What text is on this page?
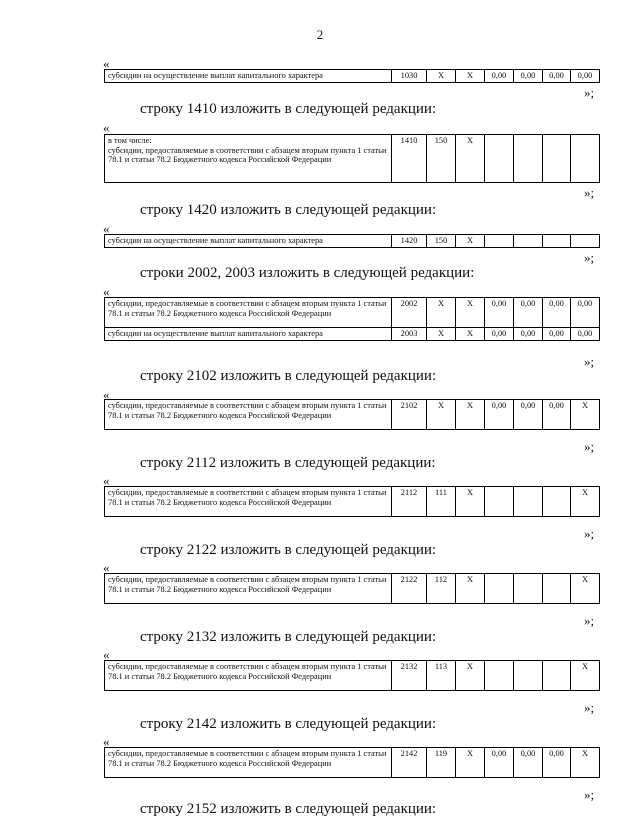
2
«
субсидии на осуществление выплат капитального характера	1030	X	X	0,00	0,00	0,00	0,00
»;
строку 1410 изложить в следующей редакции:
«
в том числе:
субсидии, предоставляемые в соответствии с абзацем вторым пункта 1 статьи 78.1 и статьи 78.2 Бюджетного кодекса Российской Федерации	1410	150	X				
»;
строку 1420 изложить в следующей редакции:
«
субсидии на осуществление выплат капитального характера	1420	150	X				
»;
строки 2002, 2003 изложить в следующей редакции:
«
субсидии, предоставляемые в соответствии с абзацем вторым пункта 1 статьи 78.1 и статьи 78.2 Бюджетного кодекса Российской Федерации	2002	X	X	0,00	0,00	0,00	0,00
субсидии на осуществление выплат капитального характера	2003	X	X	0,00	0,00	0,00	0,00
»;
строку 2102 изложить в следующей редакции:
«
субсидии, предоставляемые в соответствии с абзацем вторым пункта 1 статьи 78.1 и статьи 78.2 Бюджетного кодекса Российской Федерации	2102	X	X	0,00	0,00	0,00	X
»;
строку 2112 изложить в следующей редакции:
«
субсидии, предоставляемые в соответствии с абзацем вторым пункта 1 статьи 78.1 и статьи 78.2 Бюджетного кодекса Российской Федерации	2112	111	X				X
»;
строку 2122 изложить в следующей редакции:
«
субсидии, предоставляемые в соответствии с абзацем вторым пункта 1 статьи 78.1 и статьи 78.2 Бюджетного кодекса Российской Федерации	2122	112	X				X
»;
строку 2132 изложить в следующей редакции:
«
субсидии, предоставляемые в соответствии с абзацем вторым пункта 1 статьи 78.1 и статьи 78.2 Бюджетного кодекса Российской Федерации	2132	113	X				X
»;
строку 2142 изложить в следующей редакции:
«
субсидии, предоставляемые в соответствии с абзацем вторым пункта 1 статьи 78.1 и статьи 78.2 Бюджетного кодекса Российской Федерации	2142	119	X	0,00	0,00	0,00	X
»;
строку 2152 изложить в следующей редакции:
